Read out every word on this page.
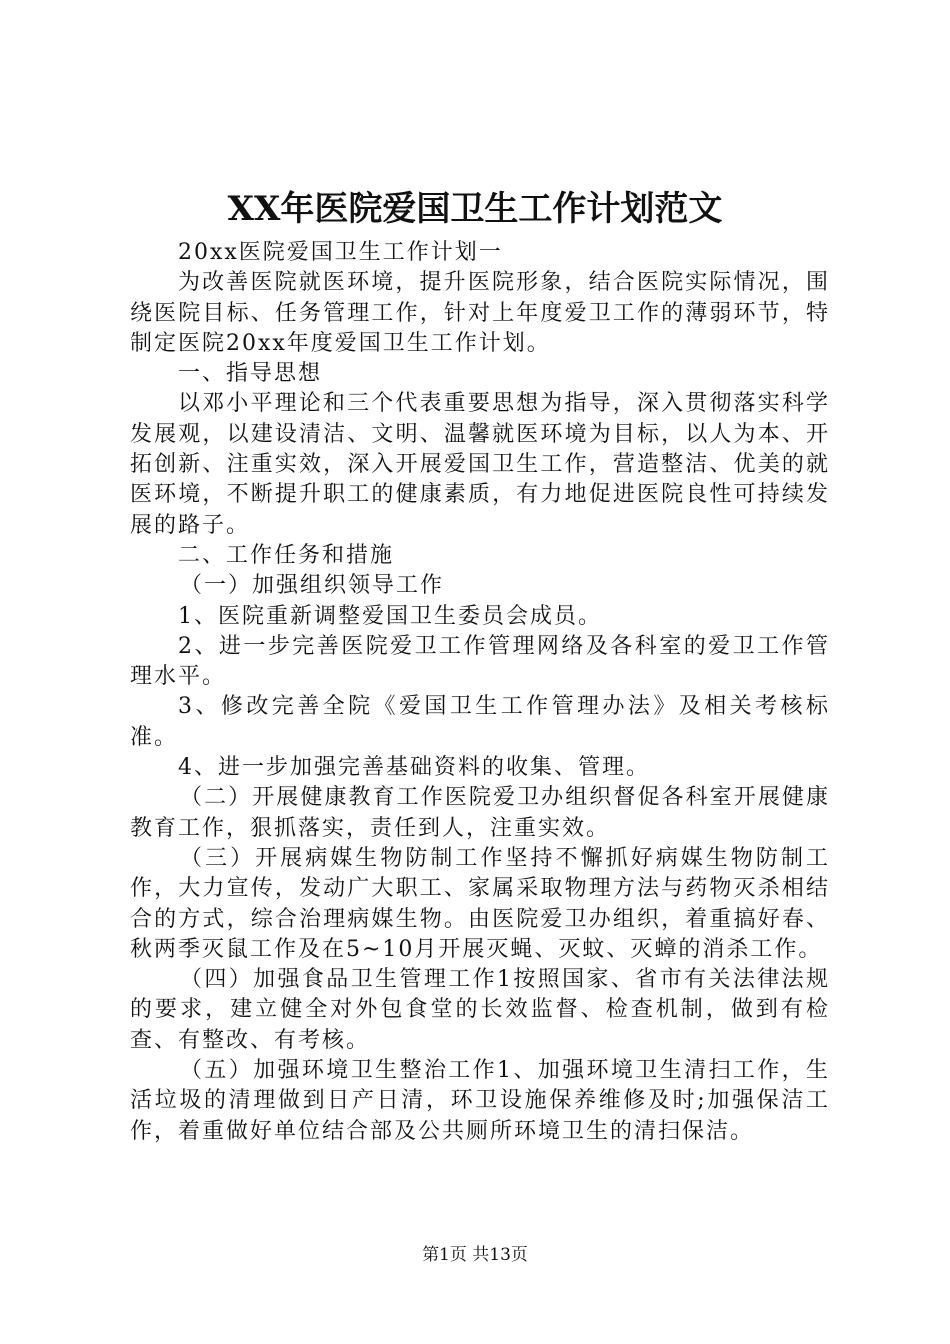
XX年医院爱国卫生工作计划范文

20xx医院爱国卫生工作计划一

为改善医院就医环境，提升医院形象，结合医院实际情况，围绕医院目标、任务管理工作，针对上年度爱卫工作的薄弱环节，特制定医院20xx年度爱国卫生工作计划。

一、指导思想

以邓小平理论和三个代表重要思想为指导，深入贯彻落实科学发展观，以建设清洁、文明、温馨就医环境为目标，以人为本、开拓创新、注重实效，深入开展爱国卫生工作，营造整洁、优美的就医环境，不断提升职工的健康素质，有力地促进医院良性可持续发展的路子。

二、工作任务和措施

（一）加强组织领导工作

1、医院重新调整爱国卫生委员会成员。

2、进一步完善医院爱卫工作管理网络及各科室的爱卫工作管理水平。

3、修改完善全院《爱国卫生工作管理办法》及相关考核标准。

4、进一步加强完善基础资料的收集、管理。

（二）开展健康教育工作医院爱卫办组织督促各科室开展健康教育工作，狠抓落实，责任到人，注重实效。

（三）开展病媒生物防制工作坚持不懈抓好病媒生物防制工作，大力宣传，发动广大职工、家属采取物理方法与药物灭杀相结合的方式，综合治理病媒生物。由医院爱卫办组织，着重搞好春、秋两季灭鼠工作及在5~10月开展灭蝇、灭蚊、灭蟑的消杀工作。

（四）加强食品卫生管理工作1按照国家、省市有关法律法规的要求，建立健全对外包食堂的长效监督、检查机制，做到有检查、有整改、有考核。

（五）加强环境卫生整治工作1、加强环境卫生清扫工作，生活垃圾的清理做到日产日清，环卫设施保养维修及时;加强保洁工作，着重做好单位结合部及公共厕所环境卫生的清扫保洁。

第1页 共13页
